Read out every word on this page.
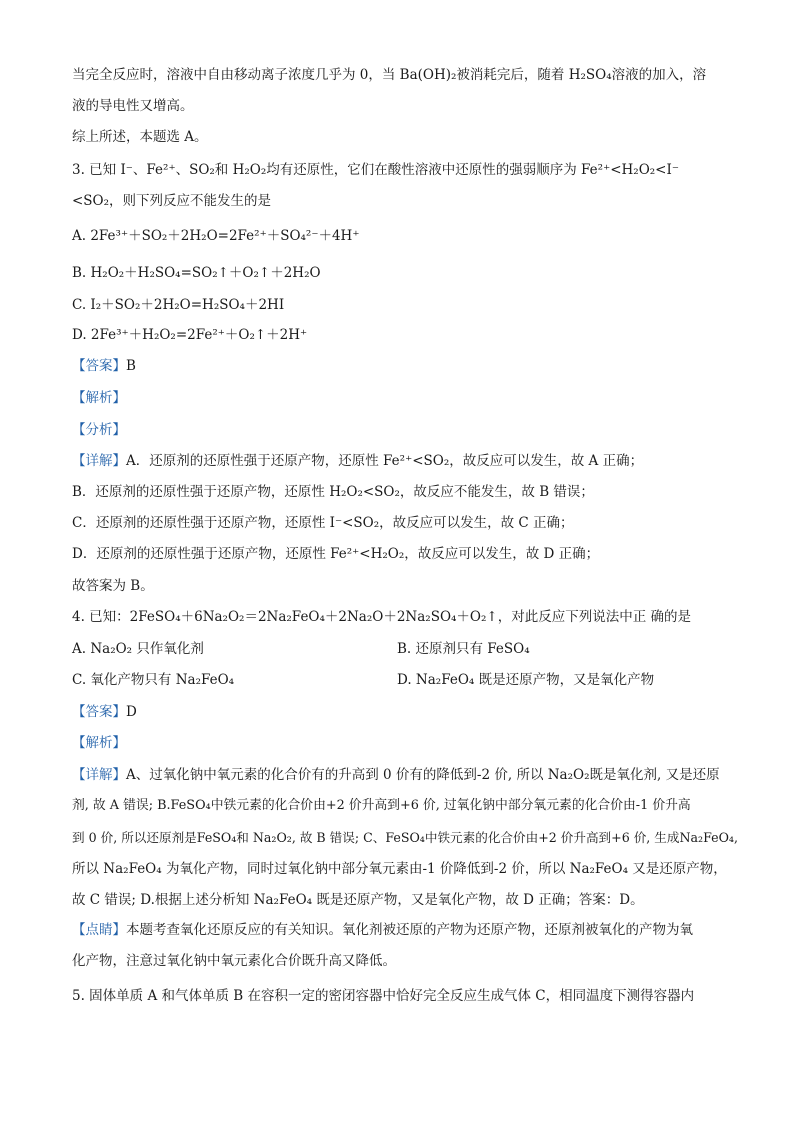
当完全反应时，溶液中自由移动离子浓度几乎为 0，当 Ba(OH)₂被消耗完后，随着 H₂SO₄溶液的加入，溶
液的导电性又增高。
综上所述，本题选 A。
3. 已知 I⁻、Fe²⁺、SO₂和 H₂O₂均有还原性，它们在酸性溶液中还原性的强弱顺序为 Fe²⁺<H₂O₂<I⁻
<SO₂，则下列反应不能发生的是
A. 2Fe³⁺＋SO₂＋2H₂O=2Fe²⁺＋SO₄²⁻＋4H⁺
B. H₂O₂＋H₂SO₄=SO₂↑＋O₂↑＋2H₂O
C. I₂＋SO₂＋2H₂O=H₂SO₄＋2HI
D. 2Fe³⁺＋H₂O₂=2Fe²⁺＋O₂↑＋2H⁺
【答案】B
【解析】
【分析】
【详解】A．还原剂的还原性强于还原产物，还原性 Fe²⁺<SO₂，故反应可以发生，故 A 正确；
B．还原剂的还原性强于还原产物，还原性 H₂O₂<SO₂，故反应不能发生，故 B 错误；
C．还原剂的还原性强于还原产物，还原性 I⁻<SO₂，故反应可以发生，故 C 正确；
D．还原剂的还原性强于还原产物，还原性 Fe²⁺<H₂O₂，故反应可以发生，故 D 正确；
故答案为 B。
4. 已知：2FeSO₄＋6Na₂O₂＝2Na₂FeO₄＋2Na₂O＋2Na₂SO₄＋O₂↑，对此反应下列说法中正 确的是
A. Na₂O₂ 只作氧化剂	B. 还原剂只有 FeSO₄
C. 氧化产物只有 Na₂FeO₄	D. Na₂FeO₄ 既是还原产物，又是氧化产物
【答案】D
【解析】
【详解】A、过氧化钠中氧元素的化合价有的升高到 0 价有的降低到-2 价, 所以 Na₂O₂既是氧化剂, 又是还原
剂, 故 A 错误; B.FeSO₄中铁元素的化合价由+2 价升高到+6 价, 过氧化钠中部分氧元素的化合价由-1 价升高
到 0 价, 所以还原剂是FeSO₄和 Na₂O₂, 故 B 错误; C、FeSO₄中铁元素的化合价由+2 价升高到+6 价, 生成Na₂FeO₄,
所以 Na₂FeO₄ 为氧化产物，同时过氧化钠中部分氧元素由-1 价降低到-2 价，所以 Na₂FeO₄ 又是还原产物，
故 C 错误; D.根据上述分析知 Na₂FeO₄ 既是还原产物，又是氧化产物，故 D 正确；答案：D。
【点睛】本题考查氧化还原反应的有关知识。氧化剂被还原的产物为还原产物，还原剂被氧化的产物为氧
化产物，注意过氧化钠中氧元素化合价既升高又降低。
5. 固体单质 A 和气体单质 B 在容积一定的密闭容器中恰好完全反应生成气体 C，相同温度下测得容器内
